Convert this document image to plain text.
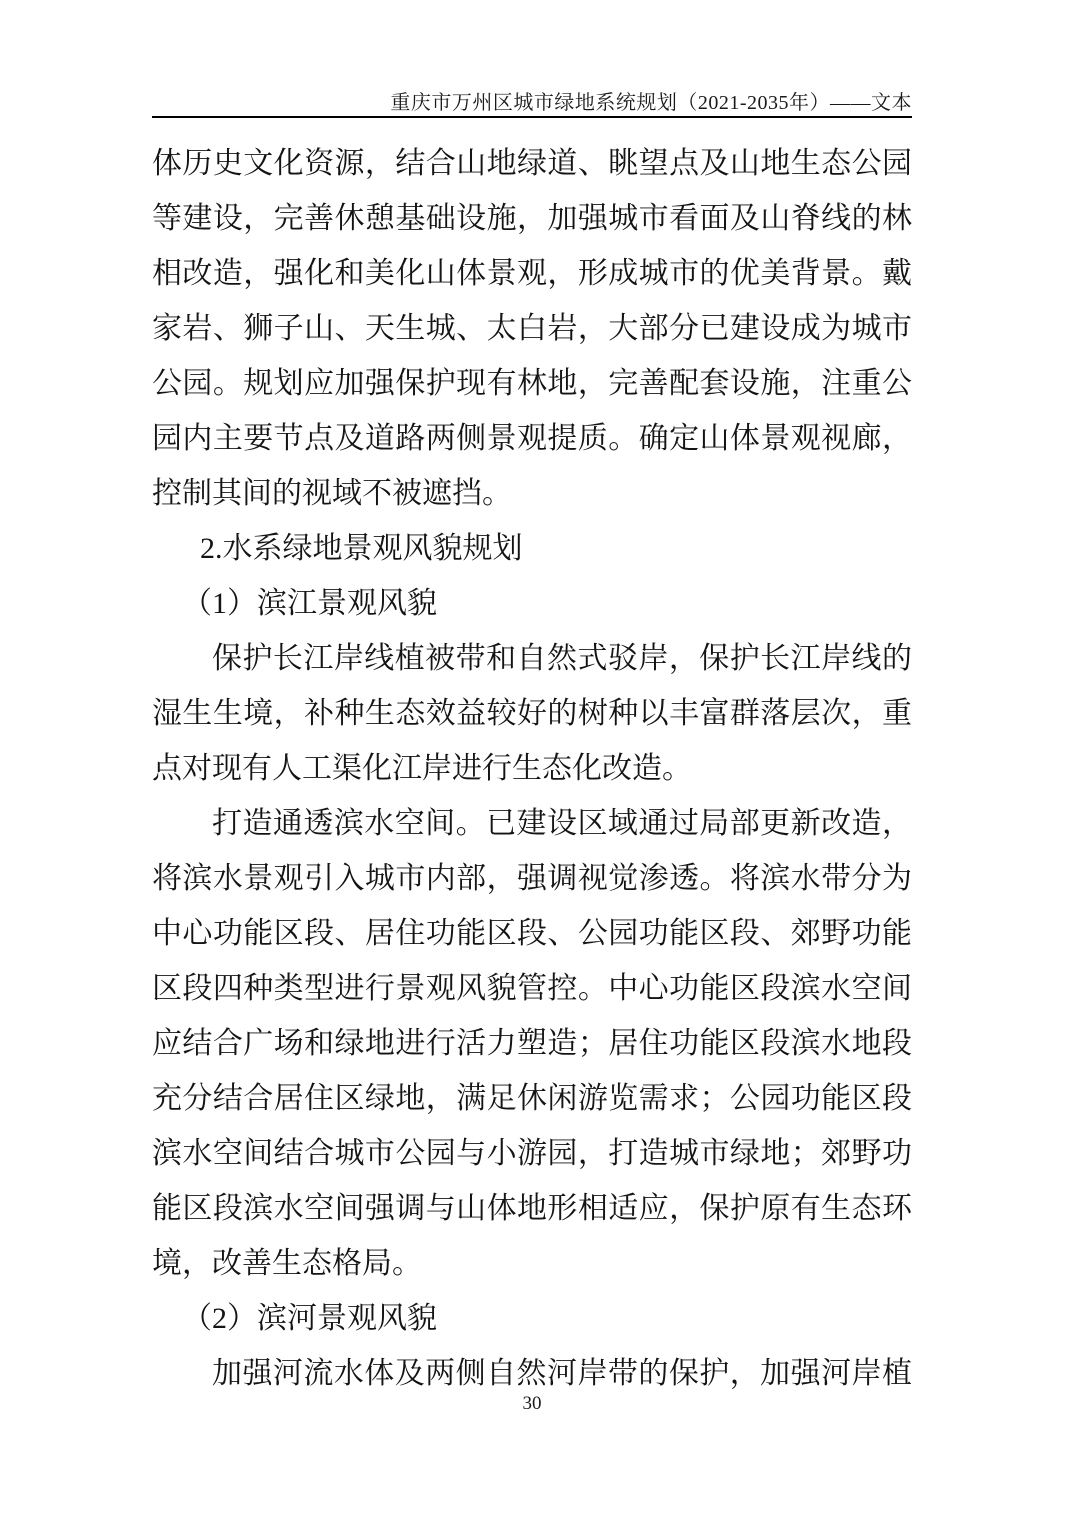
重庆市万州区城市绿地系统规划（2021-2035年）——文本
体历史文化资源，结合山地绿道、眺望点及山地生态公园
等建设，完善休憩基础设施，加强城市看面及山脊线的林
相改造，强化和美化山体景观，形成城市的优美背景。戴
家岩、狮子山、天生城、太白岩，大部分已建设成为城市
公园。规划应加强保护现有林地，完善配套设施，注重公
园内主要节点及道路两侧景观提质。确定山体景观视廊，
控制其间的视域不被遮挡。
2.水系绿地景观风貌规划
（1）滨江景观风貌
保护长江岸线植被带和自然式驳岸，保护长江岸线的
湿生生境，补种生态效益较好的树种以丰富群落层次，重
点对现有人工渠化江岸进行生态化改造。
打造通透滨水空间。已建设区域通过局部更新改造，
将滨水景观引入城市内部，强调视觉渗透。将滨水带分为
中心功能区段、居住功能区段、公园功能区段、郊野功能
区段四种类型进行景观风貌管控。中心功能区段滨水空间
应结合广场和绿地进行活力塑造；居住功能区段滨水地段
充分结合居住区绿地，满足休闲游览需求；公园功能区段
滨水空间结合城市公园与小游园，打造城市绿地；郊野功
能区段滨水空间强调与山体地形相适应，保护原有生态环
境，改善生态格局。
（2）滨河景观风貌
加强河流水体及两侧自然河岸带的保护，加强河岸植
30
